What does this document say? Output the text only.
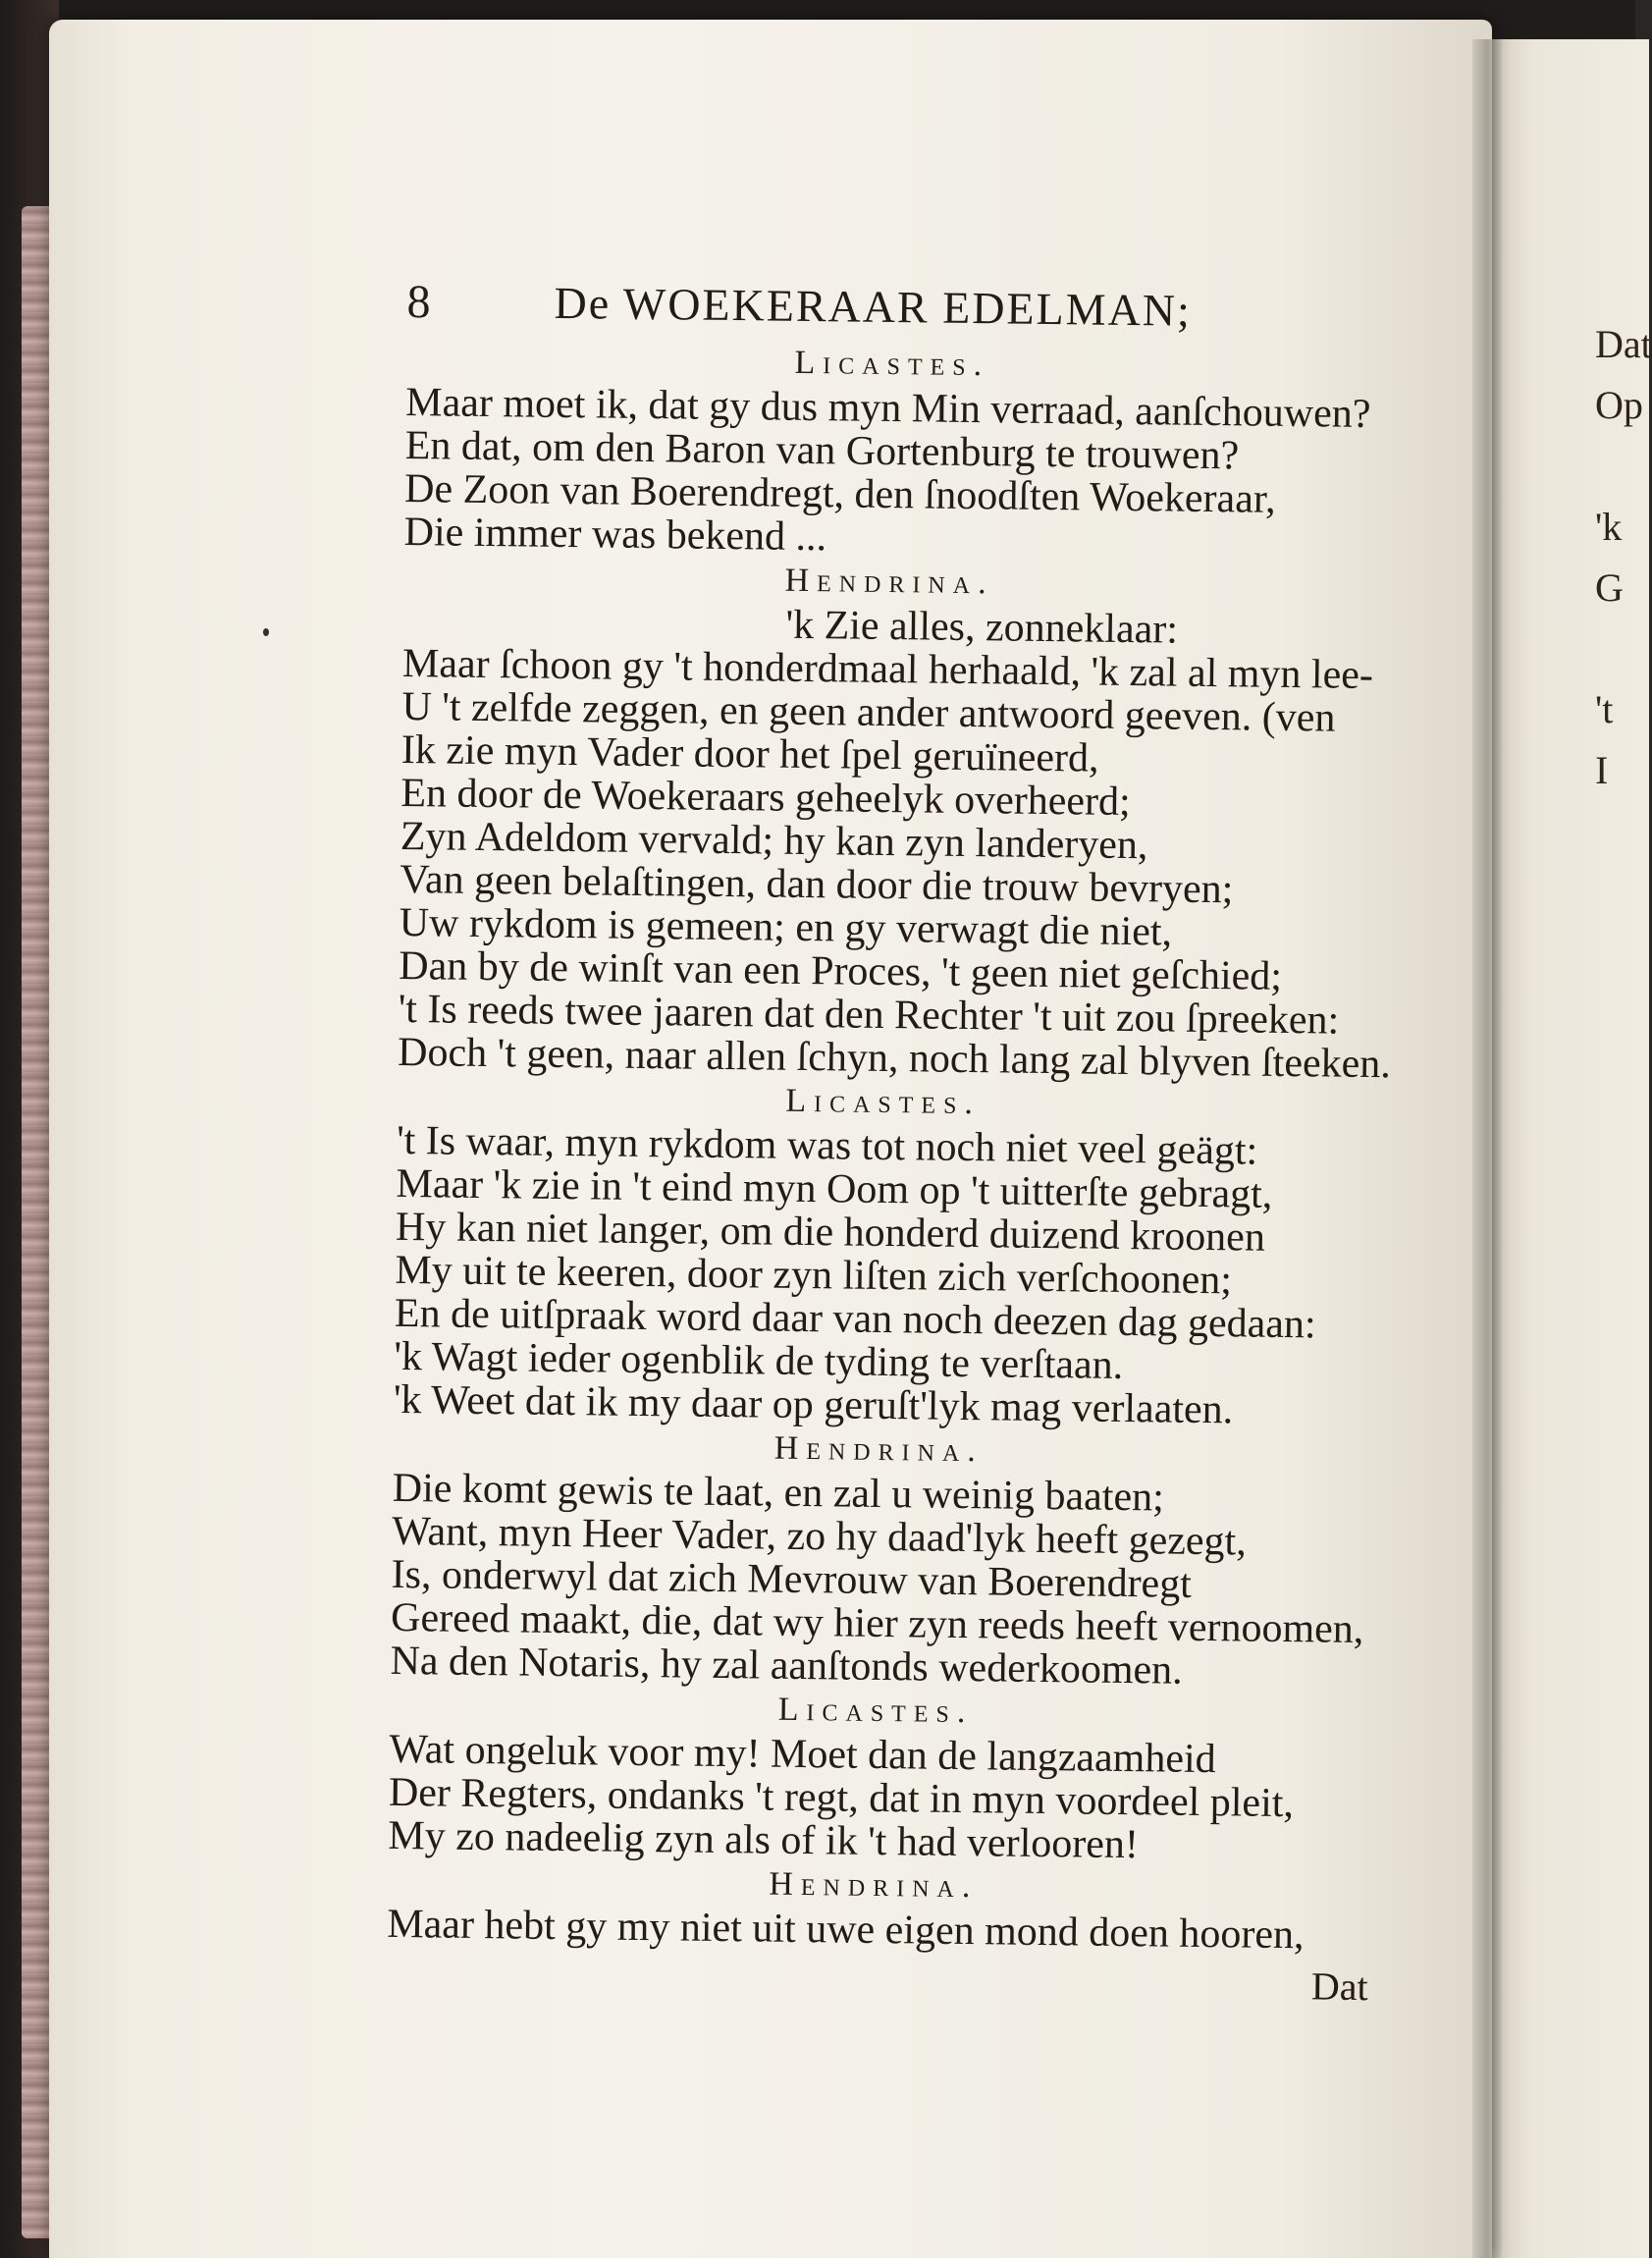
Dat
Op

'k
G

't
I
8	De WOEKERAAR EDELMAN;
Licastes.
Maar moet ik, dat gy dus myn Min verraad, aanſchouwen?
En dat, om den Baron van Gortenburg te trouwen?
De Zoon van Boerendregt, den ſnoodſten Woekeraar,
Die immer was bekend ...
Hendrina.
'k Zie alles, zonneklaar:
Maar ſchoon gy 't honderdmaal herhaald, 'k zal al myn lee-
U 't zelfde zeggen, en geen ander antwoord geeven. (ven
Ik zie myn Vader door het ſpel geruïneerd,
En door de Woekeraars geheelyk overheerd;
Zyn Adeldom vervald; hy kan zyn landeryen,
Van geen belaſtingen, dan door die trouw bevryen;
Uw rykdom is gemeen; en gy verwagt die niet,
Dan by de winſt van een Proces, 't geen niet geſchied;
't Is reeds twee jaaren dat den Rechter 't uit zou ſpreeken:
Doch 't geen, naar allen ſchyn, noch lang zal blyven ſteeken.
Licastes.
't Is waar, myn rykdom was tot noch niet veel geägt:
Maar 'k zie in 't eind myn Oom op 't uitterſte gebragt,
Hy kan niet langer, om die honderd duizend kroonen
My uit te keeren, door zyn liſten zich verſchoonen;
En de uitſpraak word daar van noch deezen dag gedaan:
'k Wagt ieder ogenblik de tyding te verſtaan.
'k Weet dat ik my daar op geruſt'lyk mag verlaaten.
Hendrina.
Die komt gewis te laat, en zal u weinig baaten;
Want, myn Heer Vader, zo hy daad'lyk heeft gezegt,
Is, onderwyl dat zich Mevrouw van Boerendregt
Gereed maakt, die, dat wy hier zyn reeds heeft vernoomen,
Na den Notaris, hy zal aanſtonds wederkoomen.
Licastes.
Wat ongeluk voor my! Moet dan de langzaamheid
Der Regters, ondanks 't regt, dat in myn voordeel pleit,
My zo nadeelig zyn als of ik 't had verlooren!
Hendrina.
Maar hebt gy my niet uit uwe eigen mond doen hooren,
Dat
